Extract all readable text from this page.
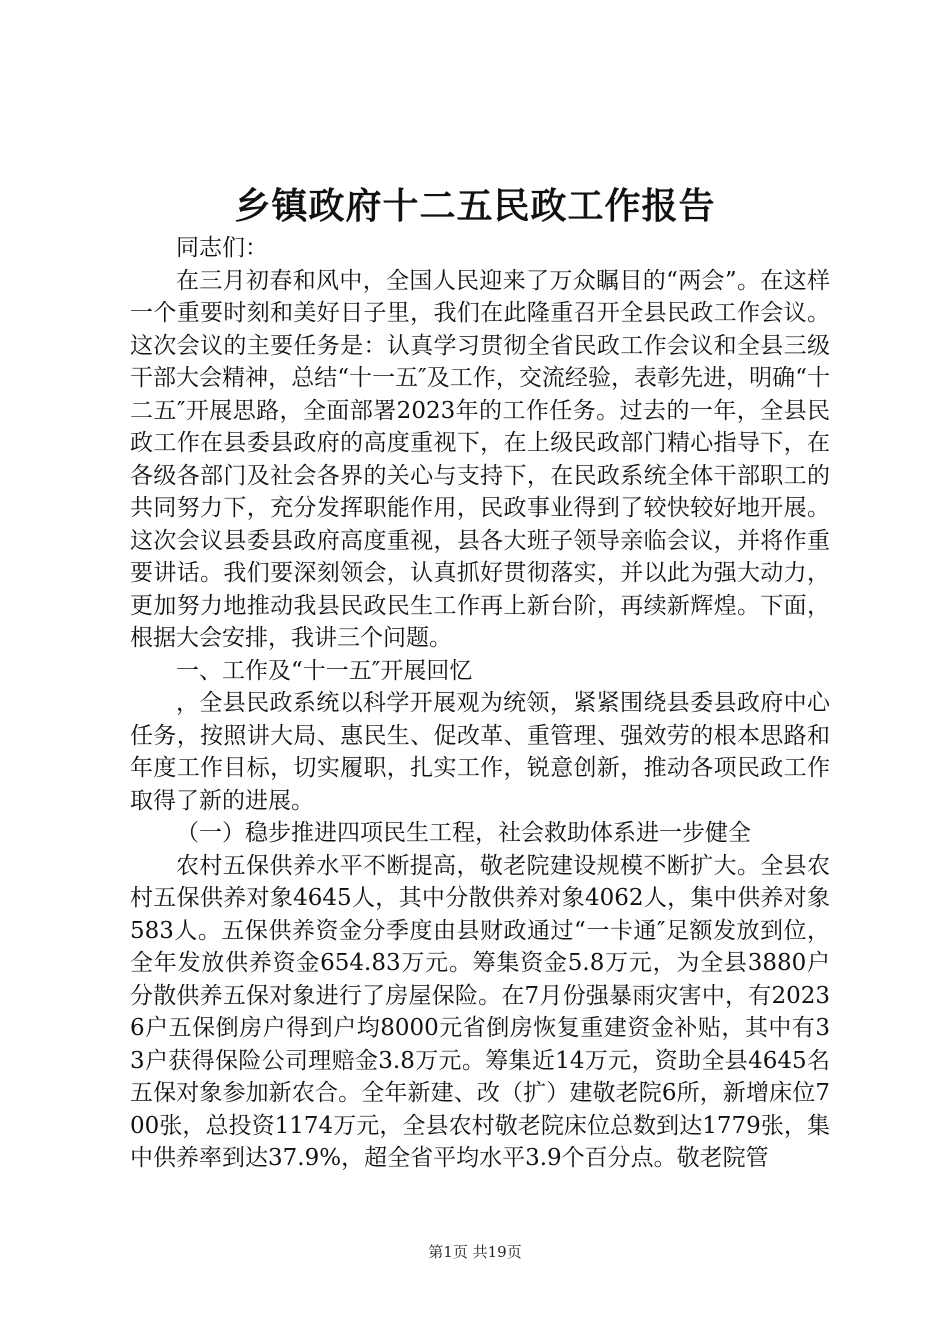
乡镇政府十二五民政工作报告

同志们：

在三月初春和风中，全国人民迎来了万众瞩目的“两会”。在这样一个重要时刻和美好日子里，我们在此隆重召开全县民政工作会议。这次会议的主要任务是：认真学习贯彻全省民政工作会议和全县三级干部大会精神，总结“十一五″及工作，交流经验，表彰先进，明确“十二五″开展思路，全面部署2023年的工作任务。过去的一年，全县民政工作在县委县政府的高度重视下，在上级民政部门精心指导下，在各级各部门及社会各界的关心与支持下，在民政系统全体干部职工的共同努力下，充分发挥职能作用，民政事业得到了较快较好地开展。这次会议县委县政府高度重视，县各大班子领导亲临会议，并将作重要讲话。我们要深刻领会，认真抓好贯彻落实，并以此为强大动力，更加努力地推动我县民政民生工作再上新台阶，再续新辉煌。下面，根据大会安排，我讲三个问题。

一、工作及“十一五″开展回忆

，全县民政系统以科学开展观为统领，紧紧围绕县委县政府中心任务，按照讲大局、惠民生、促改革、重管理、强效劳的根本思路和年度工作目标，切实履职，扎实工作，锐意创新，推动各项民政工作取得了新的进展。

（一）稳步推进四项民生工程，社会救助体系进一步健全

农村五保供养水平不断提高，敬老院建设规模不断扩大。全县农村五保供养对象4645人，其中分散供养对象4062人，集中供养对象583人。五保供养资金分季度由县财政通过“一卡通″足额发放到位，全年发放供养资金654.83万元。筹集资金5.8万元，为全县3880户分散供养五保对象进行了房屋保险。在7月份强暴雨灾害中，有20236户五保倒房户得到户均8000元省倒房恢复重建资金补贴，其中有33户获得保险公司理赔金3.8万元。筹集近14万元，资助全县4645名五保对象参加新农合。全年新建、改（扩）建敬老院6所，新增床位700张，总投资1174万元，全县农村敬老院床位总数到达1779张，集中供养率到达37.9%，超全省平均水平3.9个百分点。敬老院管

第1页 共19页
